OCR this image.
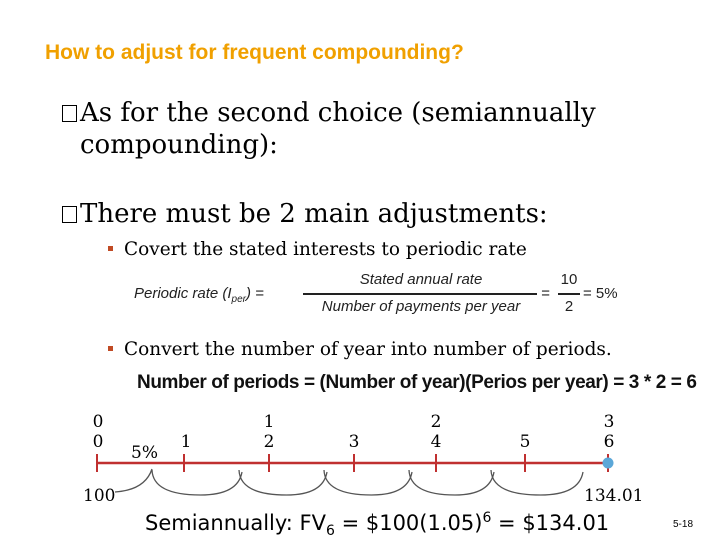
How to adjust for frequent compounding?
As for the second choice (semiannually
compounding):
There must be 2 main adjustments:
Covert the stated interests to periodic rate
Periodic rate $(I_{per})$ =
Stated annual rate
Number of payments per year
=
10
2
= 5%
Convert the number of year into number of periods.
Number of periods = (Number of year)(Perios per year) = 3 * 2 = 6
0
0
5%
1
1
2	3
2
4	5
3
6
100	134.01
Semiannually: $FV_6$ = $\$100(1.05)^6$ = $134.01	5-18
